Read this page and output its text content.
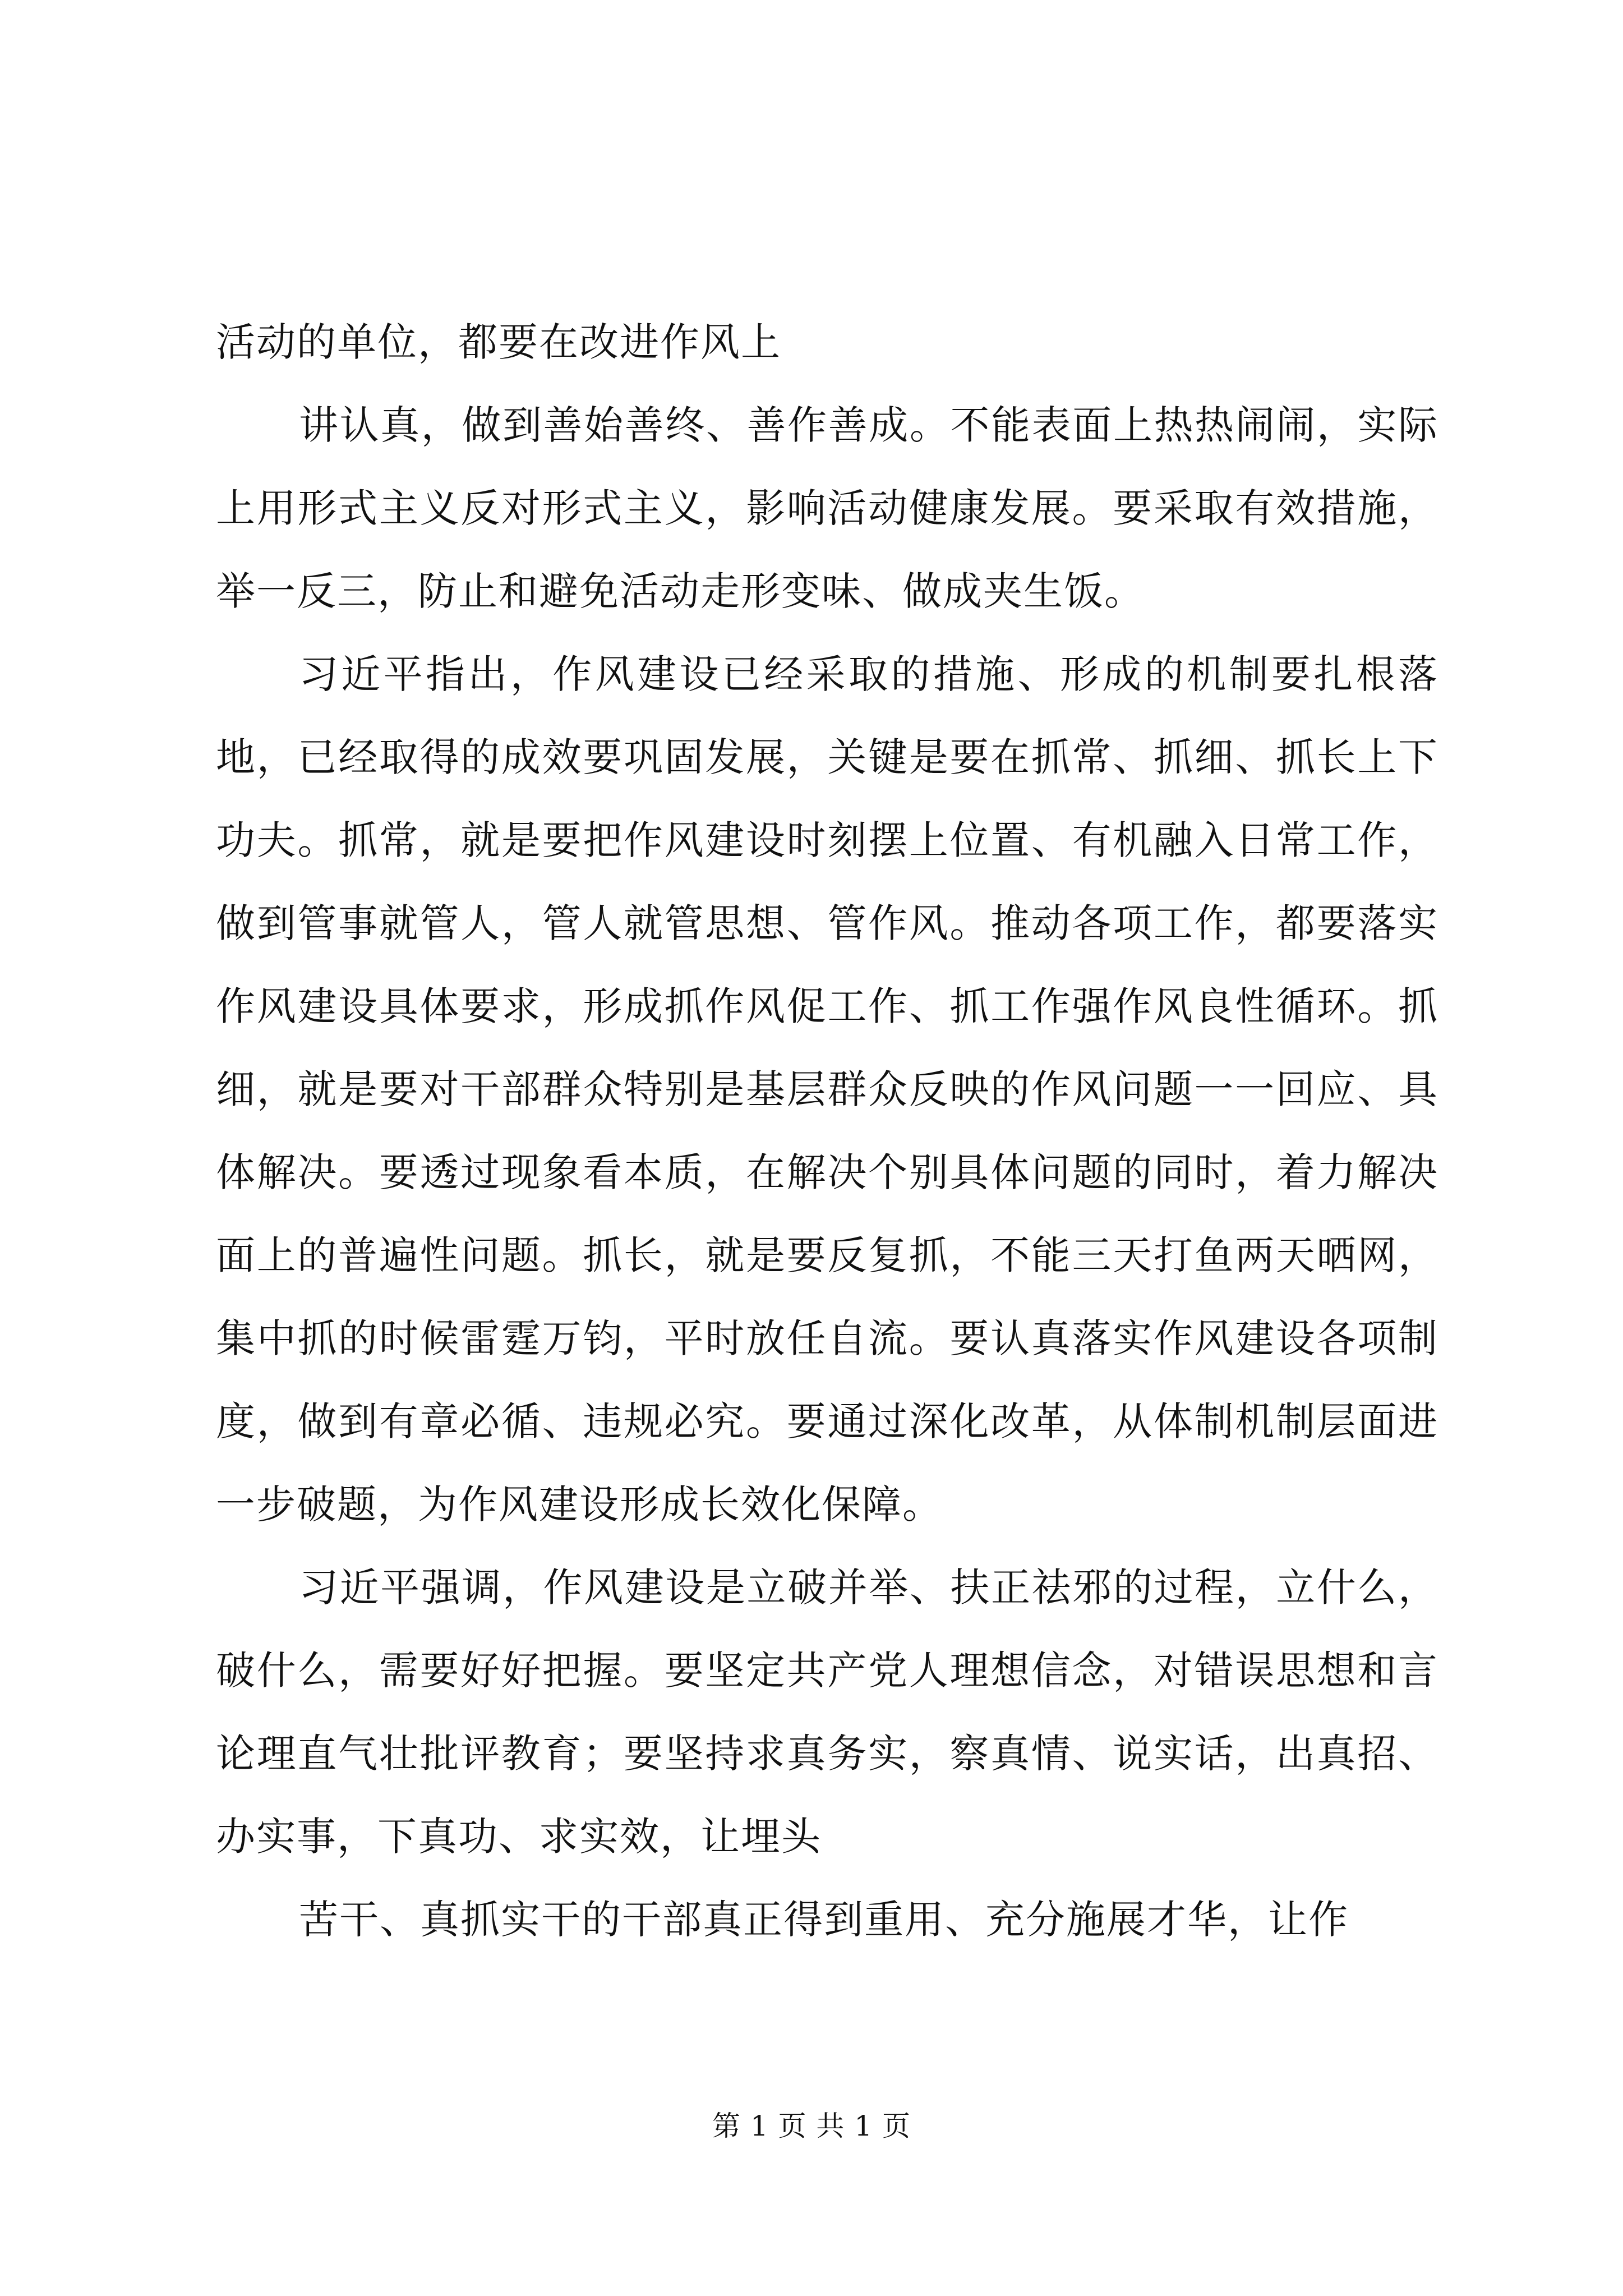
活动的单位，都要在改进作风上

讲认真，做到善始善终、善作善成。不能表面上热热闹闹，实际上用形式主义反对形式主义，影响活动健康发展。要采取有效措施，举一反三，防止和避免活动走形变味、做成夹生饭。

习近平指出，作风建设已经采取的措施、形成的机制要扎根落地，已经取得的成效要巩固发展，关键是要在抓常、抓细、抓长上下功夫。抓常，就是要把作风建设时刻摆上位置、有机融入日常工作，做到管事就管人，管人就管思想、管作风。推动各项工作，都要落实作风建设具体要求，形成抓作风促工作、抓工作强作风良性循环。抓细，就是要对干部群众特别是基层群众反映的作风问题一一回应、具体解决。要透过现象看本质，在解决个别具体问题的同时，着力解决面上的普遍性问题。抓长，就是要反复抓，不能三天打鱼两天晒网，集中抓的时候雷霆万钧，平时放任自流。要认真落实作风建设各项制度，做到有章必循、违规必究。要通过深化改革，从体制机制层面进一步破题，为作风建设形成长效化保障。

习近平强调，作风建设是立破并举、扶正祛邪的过程，立什么，破什么，需要好好把握。要坚定共产党人理想信念，对错误思想和言论理直气壮批评教育；要坚持求真务实，察真情、说实话，出真招、办实事，下真功、求实效，让埋头

苦干、真抓实干的干部真正得到重用、充分施展才华，让作

第 1 页 共 1 页
